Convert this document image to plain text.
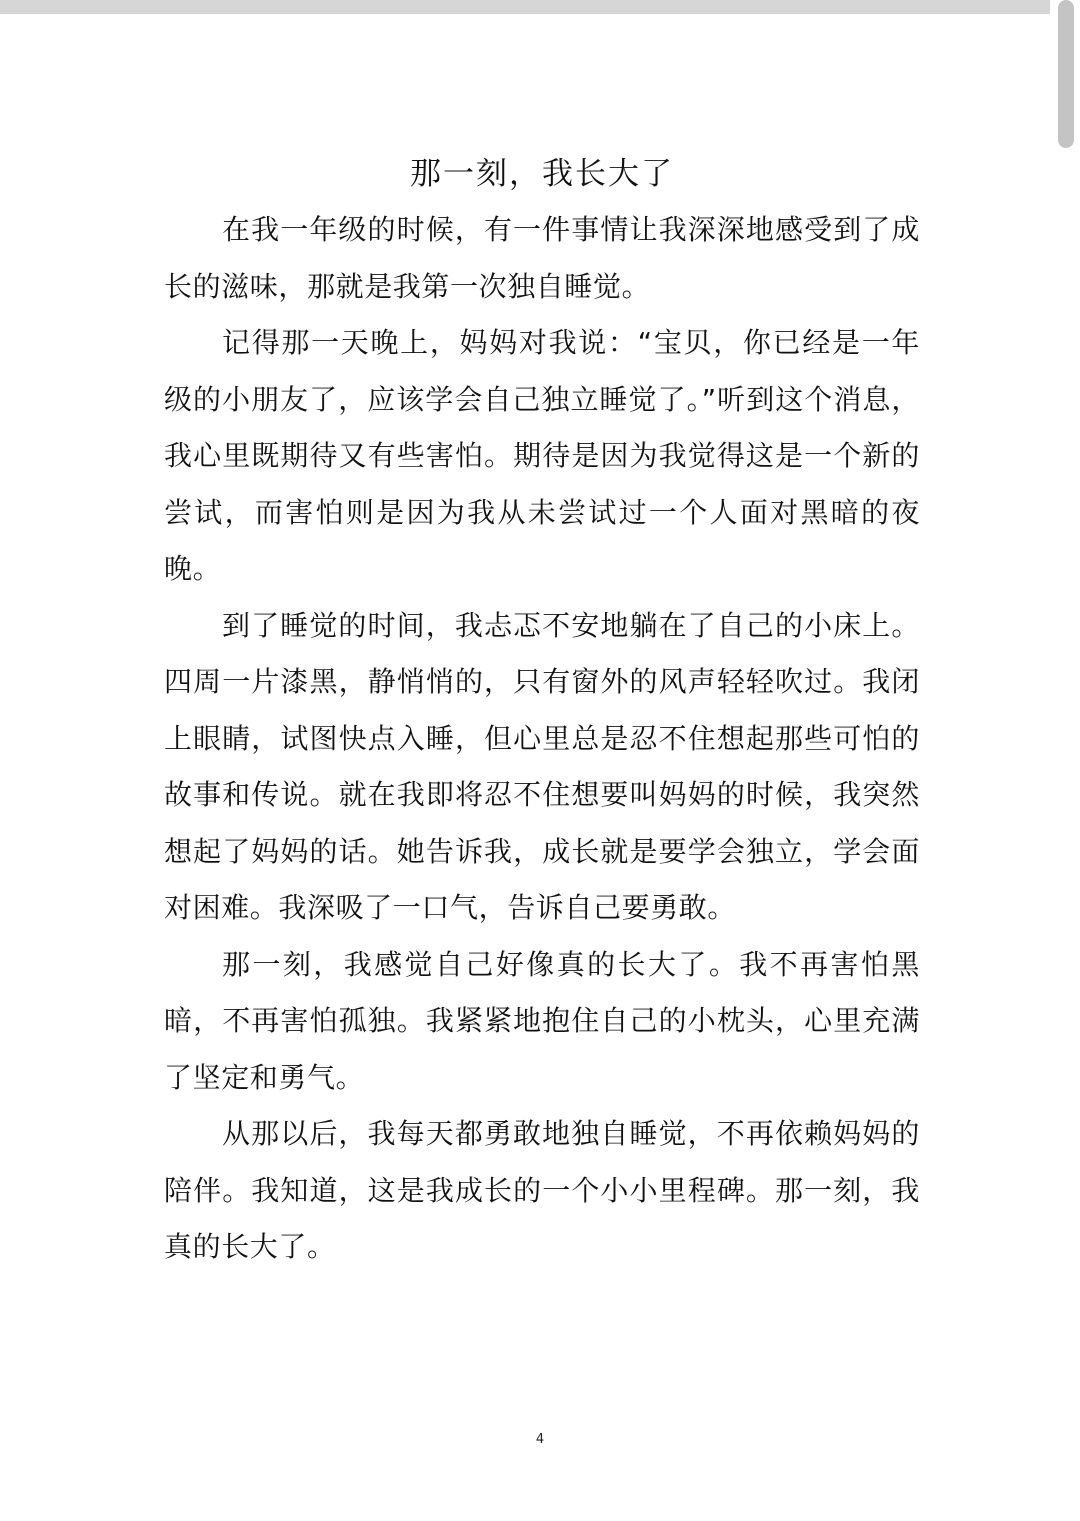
那一刻，我长大了

在我一年级的时候，有一件事情让我深深地感受到了成长的滋味，那就是我第一次独自睡觉。

记得那一天晚上，妈妈对我说：“宝贝，你已经是一年级的小朋友了，应该学会自己独立睡觉了。”听到这个消息，我心里既期待又有些害怕。期待是因为我觉得这是一个新的尝试，而害怕则是因为我从未尝试过一个人面对黑暗的夜晚。

到了睡觉的时间，我忐忑不安地躺在了自己的小床上。四周一片漆黑，静悄悄的，只有窗外的风声轻轻吹过。我闭上眼睛，试图快点入睡，但心里总是忍不住想起那些可怕的故事和传说。就在我即将忍不住想要叫妈妈的时候，我突然想起了妈妈的话。她告诉我，成长就是要学会独立，学会面对困难。我深吸了一口气，告诉自己要勇敢。

那一刻，我感觉自己好像真的长大了。我不再害怕黑暗，不再害怕孤独。我紧紧地抱住自己的小枕头，心里充满了坚定和勇气。

从那以后，我每天都勇敢地独自睡觉，不再依赖妈妈的陪伴。我知道，这是我成长的一个小小里程碑。那一刻，我真的长大了。

4
